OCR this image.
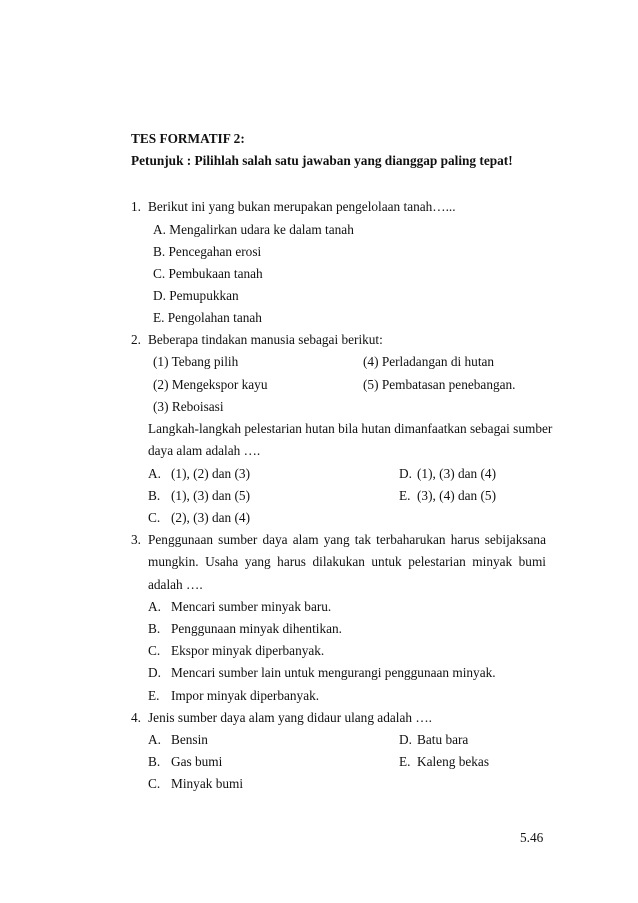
TES FORMATIF 2:
Petunjuk : Pilihlah salah satu jawaban yang dianggap paling tepat!
1. Berikut ini yang bukan merupakan pengelolaan tanah…...
A. Mengalirkan udara ke dalam tanah
B. Pencegahan erosi
C. Pembukaan tanah
D. Pemupukkan
E. Pengolahan tanah
2. Beberapa tindakan manusia sebagai berikut:
(1) Tebang pilih	(4) Perladangan di hutan
(2) Mengekspor kayu	(5) Pembatasan penebangan.
(3) Reboisasi
Langkah-langkah pelestarian hutan bila hutan dimanfaatkan sebagai sumber
daya alam adalah ….
A. (1), (2) dan (3)	D. (1), (3) dan (4)
B. (1), (3) dan (5)	E. (3), (4) dan (5)
C. (2), (3) dan (4)
3. Penggunaan sumber daya alam yang tak terbaharukan harus sebijaksana
mungkin. Usaha yang harus dilakukan untuk pelestarian minyak bumi
adalah ….
A. Mencari sumber minyak baru.
B. Penggunaan minyak dihentikan.
C. Ekspor minyak diperbanyak.
D. Mencari sumber lain untuk mengurangi penggunaan minyak.
E. Impor minyak diperbanyak.
4. Jenis sumber daya alam yang didaur ulang adalah ….
A. Bensin	D. Batu bara
B. Gas bumi	E. Kaleng bekas
C. Minyak bumi
5.46
